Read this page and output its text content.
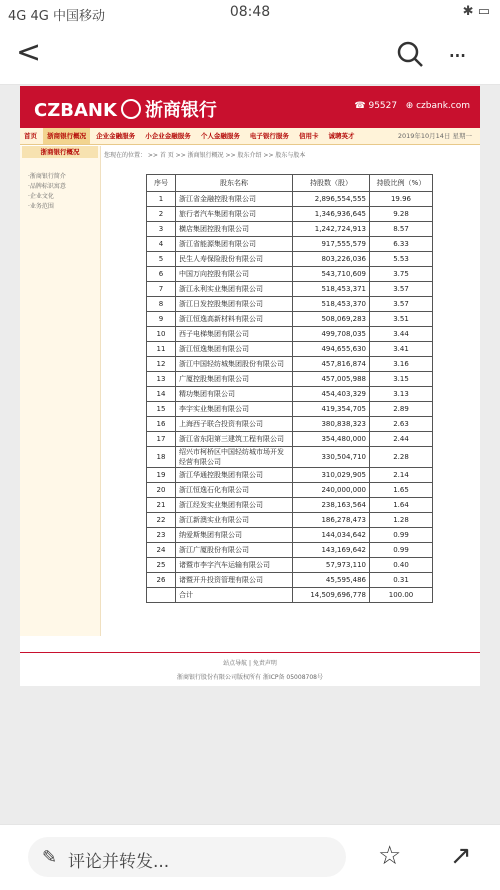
4G 4G 中国移动	08:48	✱ ▭
<	···
CZBANK 浙商银行	☎ 95527   ⊕ czbank.com
首页 浙商银行概况 企业金融服务 小企业金融服务 个人金融服务 电子银行服务 信用卡 诚聘英才	2019年10月14日 星期一
浙商银行概况
·浙商银行简介
·品牌标识寓意
·企业文化
·业务范围
您现在的位置： >> 首 页 >> 浙商银行概况 >> 股东介绍 >> 股东与股本
序号	股东名称	持股数（股）	持股比例（%）
1	浙江省金融控股有限公司	2,896,554,555	19.96
2	旅行者汽车集团有限公司	1,346,936,645	9.28
3	横店集团控股有限公司	1,242,724,913	8.57
4	浙江省能源集团有限公司	917,555,579	6.33
5	民生人寿保险股份有限公司	803,226,036	5.53
6	中国万向控股有限公司	543,710,609	3.75
7	浙江永利实业集团有限公司	518,453,371	3.57
8	浙江日发控股集团有限公司	518,453,370	3.57
9	浙江恒逸高新材料有限公司	508,069,283	3.51
10	西子电梯集团有限公司	499,708,035	3.44
11	浙江恒逸集团有限公司	494,655,630	3.41
12	浙江中国轻纺城集团股份有限公司	457,816,874	3.16
13	广厦控股集团有限公司	457,005,988	3.15
14	精功集团有限公司	454,403,329	3.13
15	李宇实业集团有限公司	419,354,705	2.89
16	上海西子联合投资有限公司	380,838,323	2.63
17	浙江省东阳第三建筑工程有限公司	354,480,000	2.44
18	绍兴市柯桥区中国轻纺城市场开发经营有限公司	330,504,710	2.28
19	浙江华通控股集团有限公司	310,029,905	2.14
20	浙江恒逸石化有限公司	240,000,000	1.65
21	浙江经发实业集团有限公司	238,163,564	1.64
22	浙江新澳实业有限公司	186,278,473	1.28
23	纳爱斯集团有限公司	144,034,642	0.99
24	浙江广厦股份有限公司	143,169,642	0.99
25	诸暨市李字汽车运输有限公司	57,973,110	0.40
26	诸暨开升投资管理有限公司	45,595,486	0.31
	合计	14,509,696,778	100.00
站点导航 | 免责声明
浙商银行股份有限公司版权所有 浙ICP备 05008708号
✎ 评论并转发...	☆ ↗
